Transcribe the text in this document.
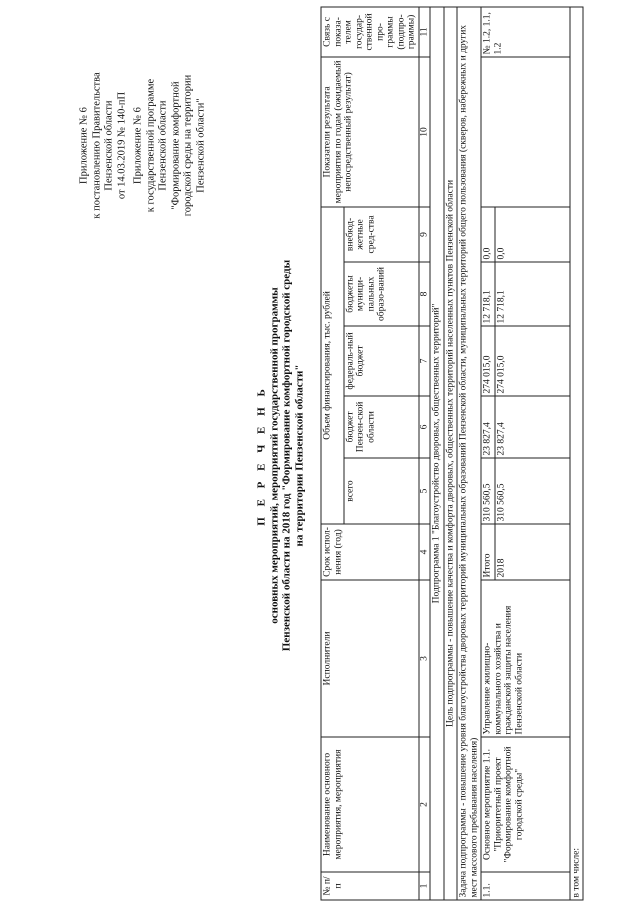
Приложение № 6 к постановлению Правительства Пензенской области от 14.03.2019 № 140-пП Приложение № 6 к государственной программе Пензенской области "Формирование комфортной городской среды на территории Пензенской области"
П Е Р Е Ч Е Н Ь основных мероприятий, мероприятий государственной программы Пензенской области на 2018 год "Формирование комфортной городской среды на территории Пензенской области"
№ п/п	Наименование основного мероприятия, мероприятия	Исполнители	Срок испол-нения (год)	Объем финансирования, тыс. рублей					Показатели результата мероприятия по годам (ожидаемый непосредственный результат)	Связь с показа-телем государ-ственной про-граммы (подпро-граммы)
				всего	бюджет Пензен-ской области	федераль-ный бюджет	бюджеты муници-пальных образо-ваний	внебюд-жетные сред-ства		
1	2	3	4	5	6	7	8	9	10	11
Подпрограмма 1 "Благоустройство дворовых, общественных территорий"										
Цель подпрограммы - повышение качества и комфорта дворовых, общественных территорий населенных пунктов Пензенской области										
Задача подпрограммы - повышение уровня благоустройства дворовых территорий муниципальных образований Пензенской области, муниципальных территорий общего пользования (скверов, набережных и других мест массового пребывания населения)										
1.1.	Основное мероприятие 1.1. "Приоритетный проект "Формирование комфортной городской среды"	Управление жилищно-коммунального хозяйства и гражданской защиты населения Пензенской области	Итого	310 560,5	23 827,4	274 015,0	12 718,1	0,0		№ 1.2, 1.1, 1.2
			2018	310 560,5	23 827,4	274 015,0	12 718,1	0,0		
в том числе:										
